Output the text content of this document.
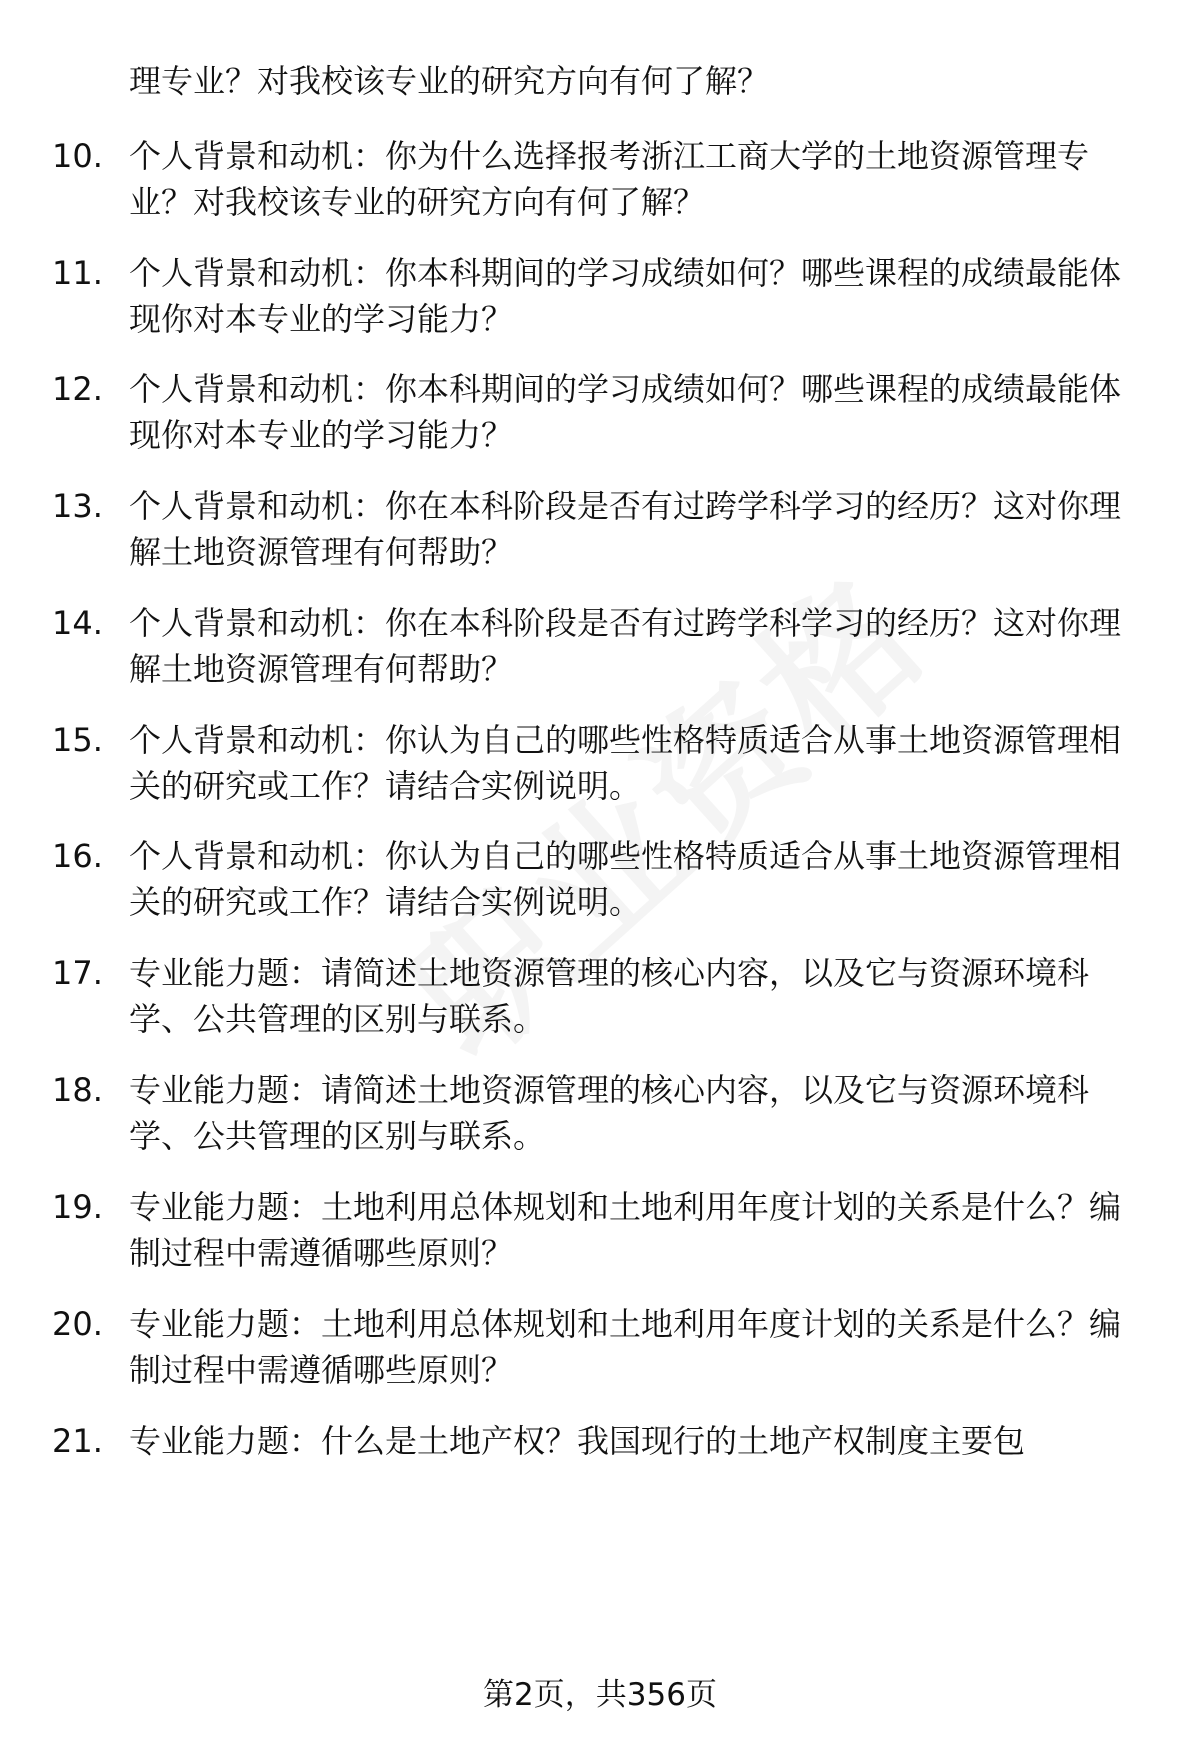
理专业？对我校该专业的研究方向有何了解？
10. 个人背景和动机：你为什么选择报考浙江工商大学的土地资源管理专业？对我校该专业的研究方向有何了解？
11. 个人背景和动机：你本科期间的学习成绩如何？哪些课程的成绩最能体现你对本专业的学习能力？
12. 个人背景和动机：你本科期间的学习成绩如何？哪些课程的成绩最能体现你对本专业的学习能力？
13. 个人背景和动机：你在本科阶段是否有过跨学科学习的经历？这对你理解土地资源管理有何帮助？
14. 个人背景和动机：你在本科阶段是否有过跨学科学习的经历？这对你理解土地资源管理有何帮助？
15. 个人背景和动机：你认为自己的哪些性格特质适合从事土地资源管理相关的研究或工作？请结合实例说明。
16. 个人背景和动机：你认为自己的哪些性格特质适合从事土地资源管理相关的研究或工作？请结合实例说明。
17. 专业能力题：请简述土地资源管理的核心内容，以及它与资源环境科学、公共管理的区别与联系。
18. 专业能力题：请简述土地资源管理的核心内容，以及它与资源环境科学、公共管理的区别与联系。
19. 专业能力题：土地利用总体规划和土地利用年度计划的关系是什么？编制过程中需遵循哪些原则？
20. 专业能力题：土地利用总体规划和土地利用年度计划的关系是什么？编制过程中需遵循哪些原则？
21. 专业能力题：什么是土地产权？我国现行的土地产权制度主要包
第2页，共356页
